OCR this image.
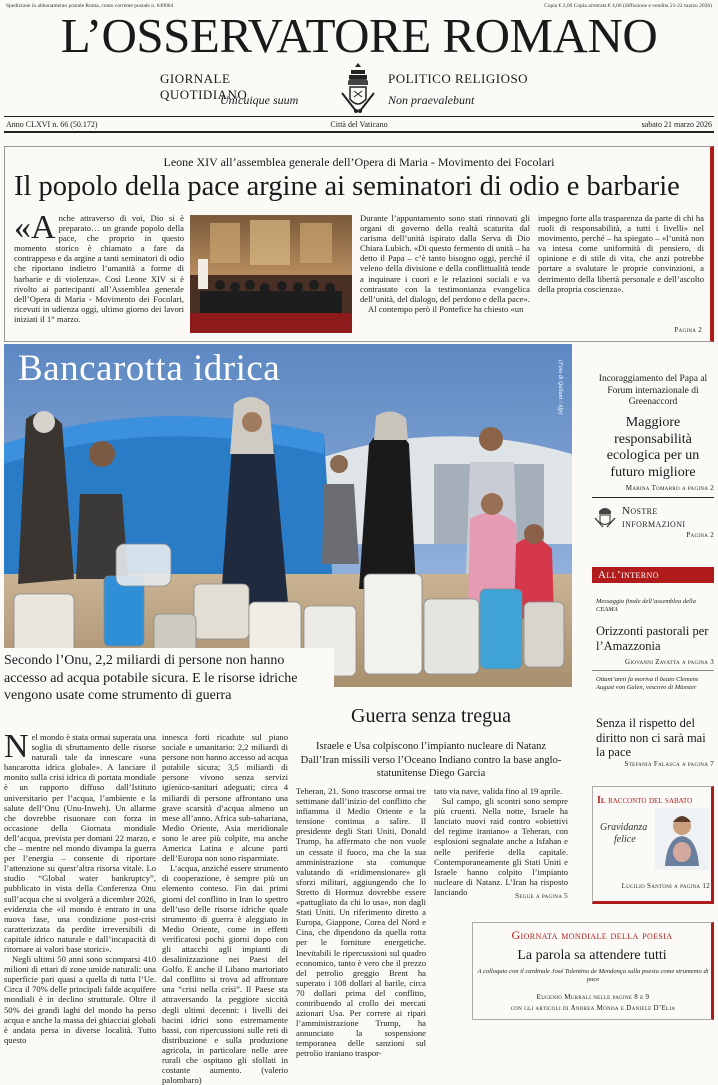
Spedizione in abbonamento postale Roma, conto corrente postale n. 649004	Copia € 2,00 Copia arretrata € 4,00 (diffusione e vendita 21-22 marzo 2026)
L’OSSERVATORE ROMANO
GIORNALE QUOTIDIANO
POLITICO RELIGIOSO
Unicuique suum	Non praevalebunt
Anno CLXVI n. 66 (50.172)	Città del Vaticano	sabato 21 marzo 2026
Leone XIV all’assemblea generale dell’Opera di Maria - Movimento dei Focolari
Il popolo della pace argine ai seminatori di odio e barbarie
«A nche attraverso di voi, Dio si è preparato… un grande popolo della pace, che proprio in questo momento storico è chiamato a fare da contrappeso e da argine a tanti seminatori di odio che riportano indietro l’umanità a forme di barbarie e di violenza». Così Leone XIV si è rivolto ai partecipanti all’Assemblea generale dell’Opera di Maria - Movimento dei Focolari, ricevuti in udienza oggi, ultimo giorno dei lavori iniziati il 1° marzo.

Durante l’appuntamento sono stati rinnovati gli organi di governo della realtà scaturita dal carisma dell’unità ispirato dalla Serva di Dio Chiara Lubich. «Di questo fermento di unità – ha detto il Papa – c’è tanto bisogno oggi, perché il veleno della divisione e della conflittualità tende a inquinare i cuori e le relazioni sociali e va contrastato con la testimonianza evangelica dell’unità, del dialogo, del perdono e della pace».

Al contempo però il Pontefice ha chiesto «un

impegno forte alla trasparenza da parte di chi ha ruoli di responsabilità, a tutti i livelli» nel movimento, perché – ha spiegato – «l’unità non va intesa come uniformità di pensiero, di opinione e di stile di vita, che anzi potrebbe portare a svalutare le proprie convinzioni, a detrimento della libertà personale e dell’ascolto della propria coscienza».
Pagina 2
Bancarotta idrica	(Foto di Qaliani / Afp)
Secondo l’Onu, 2,2 miliardi di persone non hanno accesso ad acqua potabile sicura. E le risorse idriche vengono usate come strumento di guerra

Nel mondo è stata ormai superata una soglia di sfruttamento delle risorse naturali tale da innescare «una bancarotta idrica globale». A lanciare il monito sulla crisi idrica di portata mondiale è un rapporto diffuso dall’Istituto universitario per l’acqua, l’ambiente e la salute dell’Onu (Unu-Inweh). Un allarme che dovrebbe risuonare con forza in occasione della Giornata mondiale dell’acqua, prevista per domani 22 marzo, e che – mentre nel mondo divampa la guerra per l’energia – consente di riportare l’attenzione su quest’altra risorsa vitale. Lo studio “Global water bankruptcy”, pubblicato in vista della Conferenza Onu sull’acqua che si svolgerà a dicembre 2026, evidenzia che «il mondo è entrato in una nuova fase, una condizione post-crisi caratterizzata da perdite irreversibili di capitale idrico naturale e dall’incapacità di ritornare ai valori base storici».

Negli ultimi 50 anni sono scomparsi 410 milioni di ettari di zone umide naturali: una superficie pari quasi a quella di tutta l’Ue. Circa il 70% delle principali falde acquifere mondiali è in declino strutturale. Oltre il 50% dei grandi laghi del mondo ha perso acqua e anche la massa dei ghiacciai globali è andata persa in diverse località. Tutto questo

innesca forti ricadute sul piano sociale e umanitario: 2,2 miliardi di persone non hanno accesso ad acqua potabile sicura; 3,5 miliardi di persone vivono senza servizi igienico-sanitari adeguati; circa 4 miliardi di persone affrontano una grave scarsità d’acqua almeno un mese all’anno. Africa sub-sahariana, Medio Oriente, Asia meridionale sono le aree più colpite, ma anche America Latina e alcune parti dell’Europa non sono risparmiate.

L’acqua, anziché essere strumento di cooperazione, è sempre più un elemento conteso. Fin dai primi giorni del conflitto in Iran lo spettro dell’uso delle risorse idriche quale strumento di guerra è aleggiato in Medio Oriente, come in effetti verificatosi pochi giorni dopo con gli attacchi agli impianti di desalinizzazione nei Paesi del Golfo. E anche il Libano martoriato dal conflitto si trova ad affrontare una “crisi nella crisi”. Il Paese sta attraversando la peggiore siccità degli ultimi decenni: i livelli dei bacini idrici sono estremamente bassi, con ripercussioni sulle reti di distribuzione e sulla produzione agricola, in particolare nelle aree rurali che ospitano gli sfollati in costante aumento. (valerio palombaro)

Guerra senza tregua
Israele e Usa colpiscono l’impianto nucleare di Natanz Dall’Iran missili verso l’Oceano Indiano contro la base anglo-statunitense Diego Garcia
Teheran, 21. Sono trascorse ormai tre settimane dall’inizio del conflitto che infiamma il Medio Oriente e la tensione continua a salire. Il presidente degli Stati Uniti, Donald Trump, ha affermato che non vuole un cessate il fuoco, ma che la sua amministrazione sta comunque valutando di «ridimensionare» gli sforzi militari, aggiungendo che lo Stretto di Hormuz dovrebbe essere «pattugliato da chi lo usa», non dagli Stati Uniti. Un riferimento diretto a Europa, Giappone, Corea del Nord e Cina, che dipendono da quella rotta per le forniture energetiche. Inevitabili le ripercussioni sul quadro economico, tanto è vero che il prezzo del petrolio greggio Brent ha superato i 108 dollari al barile, circa 70 dollari prima del conflitto, contribuendo al crollo dei mercati azionari Usa. Per correre ai ripari l’amministrazione Trump, ha annunciato la sospensione temporanea delle sanzioni sul petrolio iraniano traspor-

tato via nave, valida fino al 19 aprile.

Sul campo, gli scontri sono sempre più cruenti. Nella notte, Israele ha lanciato nuovi raid contro «obiettivi del regime iraniano» a Teheran, con esplosioni segnalate anche a Isfahan e nelle periferie della capitale. Contemporaneamente gli Stati Uniti e Israele hanno colpito l’impianto nucleare di Natanz. L’Iran ha risposto lanciando	Segue a pagina 5
Incoraggiamento del Papa al Forum internazionale di Greenaccord
Maggiore responsabilità ecologica per un futuro migliore
Marina Tomarro a pagina 2
Nostre informazioni
Pagina 2
All’interno
Messaggio finale dell’assemblea della CEAMA
Orizzonti pastorali per l’Amazzonia
Giovanni Zavatta a pagina 3
Ottant’anni fa moriva il beato Clemens August von Galen, vescovo di Münster
Senza il rispetto del diritto non ci sarà mai la pace
Stefania Falasca a pagina 7
Il racconto del sabato
Gravidanza
felice
Lucilio Santoni a pagina 12
Giornata mondiale della poesia
La parola sa attendere tutti
A colloquio con il cardinale José Tolentino de Mendonça sulla poesia come strumento di pace
Eugenio Murrali nelle pagine 8 e 9
con gli articoli di Andrea Monda e Daniele D’Elia
